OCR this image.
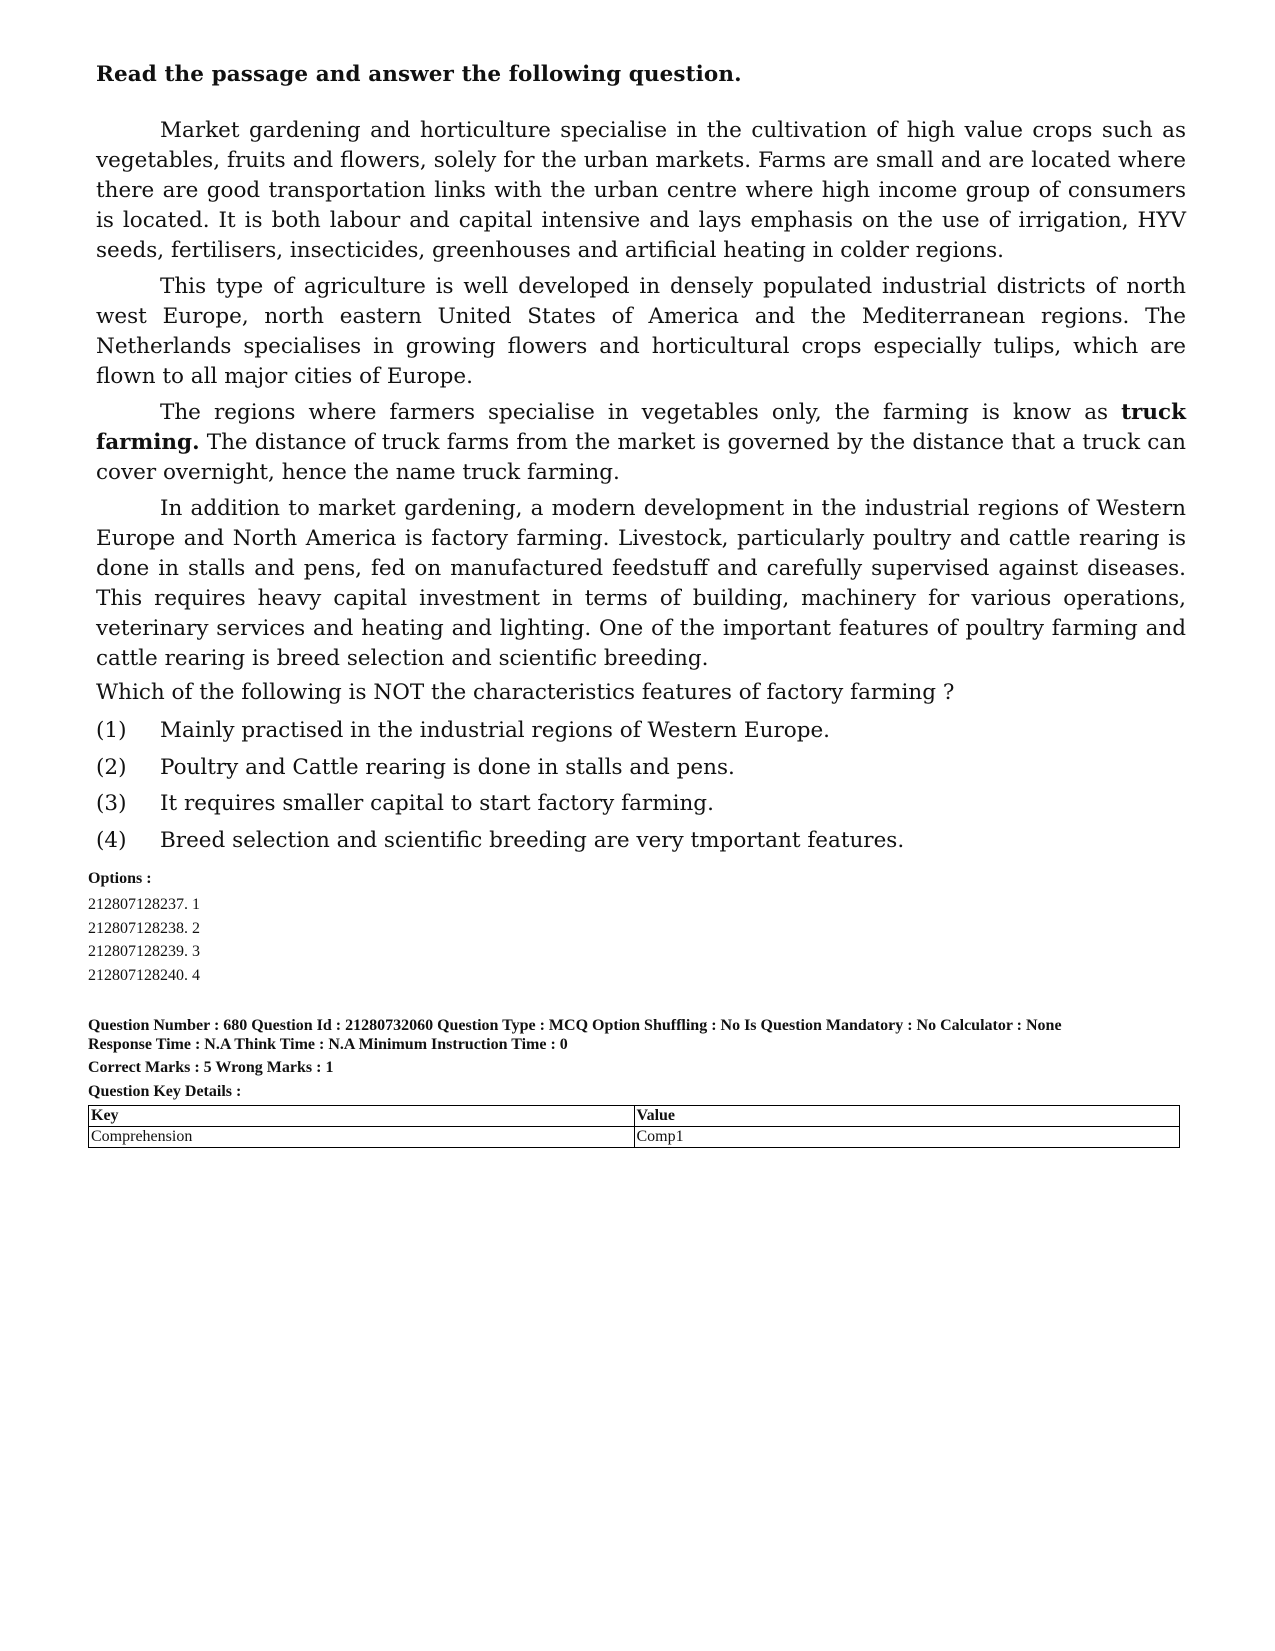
Read the passage and answer the following question.

Market gardening and horticulture specialise in the cultivation of high value crops such as vegetables, fruits and flowers, solely for the urban markets. Farms are small and are located where there are good transportation links with the urban centre where high income group of consumers is located. It is both labour and capital intensive and lays emphasis on the use of irrigation, HYV seeds, fertilisers, insecticides, greenhouses and artificial heating in colder regions.

This type of agriculture is well developed in densely populated industrial districts of north west Europe, north eastern United States of America and the Mediterranean regions. The Netherlands specialises in growing flowers and horticultural crops especially tulips, which are flown to all major cities of Europe.

The regions where farmers specialise in vegetables only, the farming is know as truck farming. The distance of truck farms from the market is governed by the distance that a truck can cover overnight, hence the name truck farming.

In addition to market gardening, a modern development in the industrial regions of Western Europe and North America is factory farming. Livestock, particularly poultry and cattle rearing is done in stalls and pens, fed on manufactured feedstuff and carefully supervised against diseases. This requires heavy capital investment in terms of building, machinery for various operations, veterinary services and heating and lighting. One of the important features of poultry farming and cattle rearing is breed selection and scientific breeding.

Which of the following is NOT the characteristics features of factory farming ?
(1)	Mainly practised in the industrial regions of Western Europe.
(2)	Poultry and Cattle rearing is done in stalls and pens.
(3)	It requires smaller capital to start factory farming.
(4)	Breed selection and scientific breeding are very tmportant features.
Options :
212807128237. 1
212807128238. 2
212807128239. 3
212807128240. 4
Question Number : 680 Question Id : 21280732060 Question Type : MCQ Option Shuffling : No Is Question Mandatory : No Calculator : None
Response Time : N.A Think Time : N.A Minimum Instruction Time : 0
Correct Marks : 5 Wrong Marks : 1
Question Key Details :
Key	Value
Comprehension	Comp1
